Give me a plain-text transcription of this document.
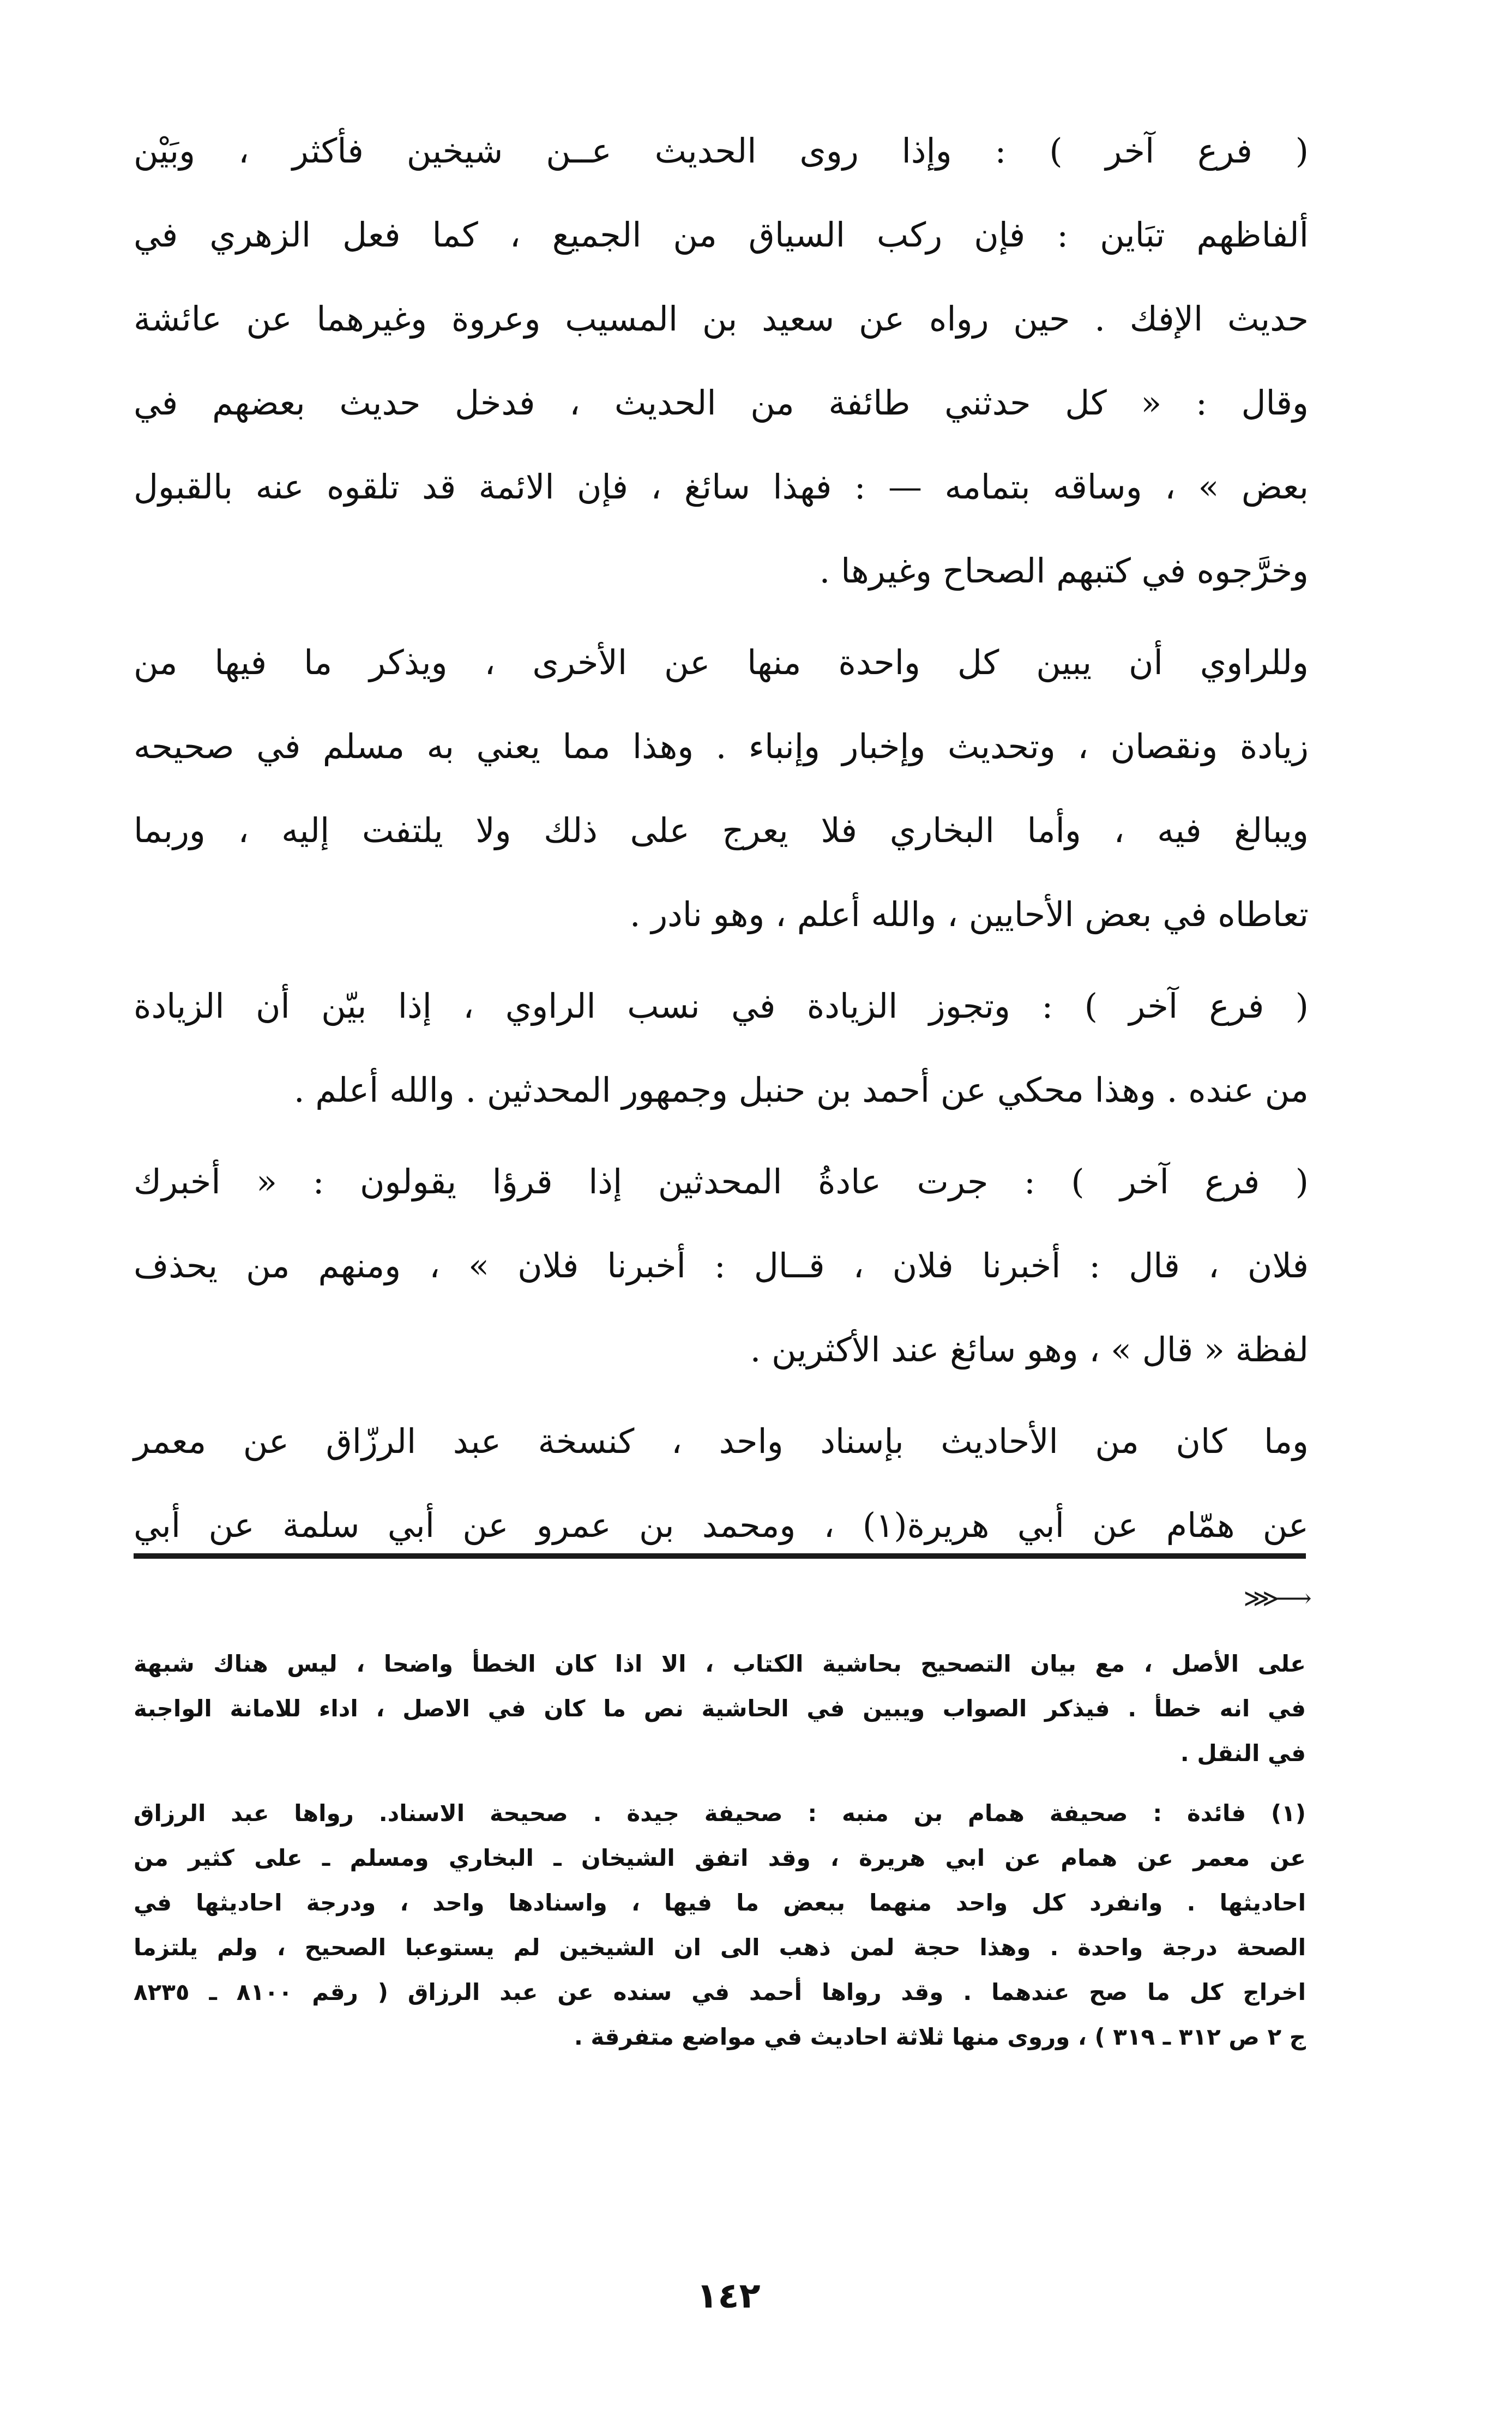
( فرع آخر ) : وإذا روى الحديث عــن شيخين فأكثر ، وبَيْن
ألفاظهم تبَاين : فإن ركب السياق من الجميع ، كما فعل الزهري في
حديث الإفك . حين رواه عن سعيد بن المسيب وعروة وغيرهما عن عائشة
وقال : « كل حدثني طائفة من الحديث ، فدخل حديث بعضهم في
بعض » ، وساقه بتمامه — : فهذا سائغ ، فإن الائمة قد تلقوه عنه بالقبول
وخرَّجوه في كتبهم الصحاح وغيرها .

وللراوي أن يبين كل واحدة منها عن الأخرى ، ويذكر ما فيها من
زيادة ونقصان ، وتحديث وإخبار وإنباء . وهذا مما يعني به مسلم في صحيحه
ويبالغ فيه ، وأما البخاري فلا يعرج على ذلك ولا يلتفت إليه ، وربما
تعاطاه في بعض الأحايين ، والله أعلم ، وهو نادر .

( فرع آخر ) : وتجوز الزيادة في نسب الراوي ، إذا بيّن أن الزيادة
من عنده . وهذا محكي عن أحمد بن حنبل وجمهور المحدثين . والله أعلم .

( فرع آخر ) : جرت عادةُ المحدثين إذا قرؤا يقولون : « أخبرك
فلان ، قال : أخبرنا فلان ، قــال : أخبرنا فلان » ، ومنهم من يحذف
لفظة « قال » ، وهو سائغ عند الأكثرين .

وما كان من الأحاديث بإسناد واحد ، كنسخة عبد الرزّاق عن معمر
عن همّام عن أبي هريرة(١) ، ومحمد بن عمرو عن أبي سلمة عن أبي

⋙⟶
على الأصل ، مع بيان التصحيح بحاشية الكتاب ، الا اذا كان الخطأ واضحا ، ليس هناك شبهة
في انه خطأ . فيذكر الصواب ويبين في الحاشية نص ما كان في الاصل ، اداء للامانة الواجبة
في النقل .
(١) فائدة : صحيفة همام بن منبه : صحيفة جيدة . صحيحة الاسناد. رواها عبد الرزاق
عن معمر عن همام عن ابي هريرة ، وقد اتفق الشيخان ـ البخاري ومسلم ـ على كثير من
احاديثها . وانفرد كل واحد منهما ببعض ما فيها ، واسنادها واحد ، ودرجة احاديثها في
الصحة درجة واحدة . وهذا حجة لمن ذهب الى ان الشيخين لم يستوعبا الصحيح ، ولم يلتزما
اخراج كل ما صح عندهما . وقد رواها أحمد في سنده عن عبد الرزاق ( رقم ٨١٠٠ ـ ٨٢٣٥
ج ٢ ص ٣١٢ ـ ٣١٩ ) ، وروى منها ثلاثة احاديث في مواضع متفرقة .
١٤٢
